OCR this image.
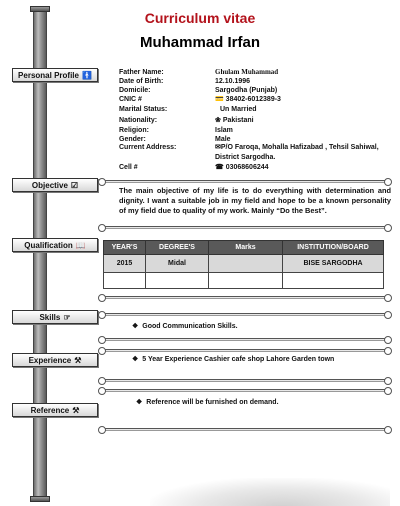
Curriculum vitae
Muhammad Irfan
Personal Profile 🚹	Father Name:	Ghulam Muhammad
Date of Birth:	12.10.1996
Domicile:	Sargodha (Punjab)
CNIC #	💳 38402-6012389-3
Marital Status:	Un Married
Nationality:	❀ Pakistani
Religion:	Islam
Gender:	Male
Current Address:	✉P/O Faroqa, Mohalla Hafizabad , Tehsil Sahiwal, District Sargodha.
Cell #	☎ 03068606244
Objective ☑
The main objective of my life is to do everything with determination and dignity. I want a suitable job in my field and hope to be a known personality of my field due to quality of my work. Mainly “Do the Best”.
Qualification 📖	YEAR'S	DEGREE'S	Marks	INSTITUTION/BOARD
2015	Midal		BISE SARGODHA

Skills ☞
❖ Good Communication Skills.
Experience ⚒	❖ 5 Year Experience Cashier cafe shop Lahore Garden town
Reference ⚒
❖ Reference will be furnished on demand.
